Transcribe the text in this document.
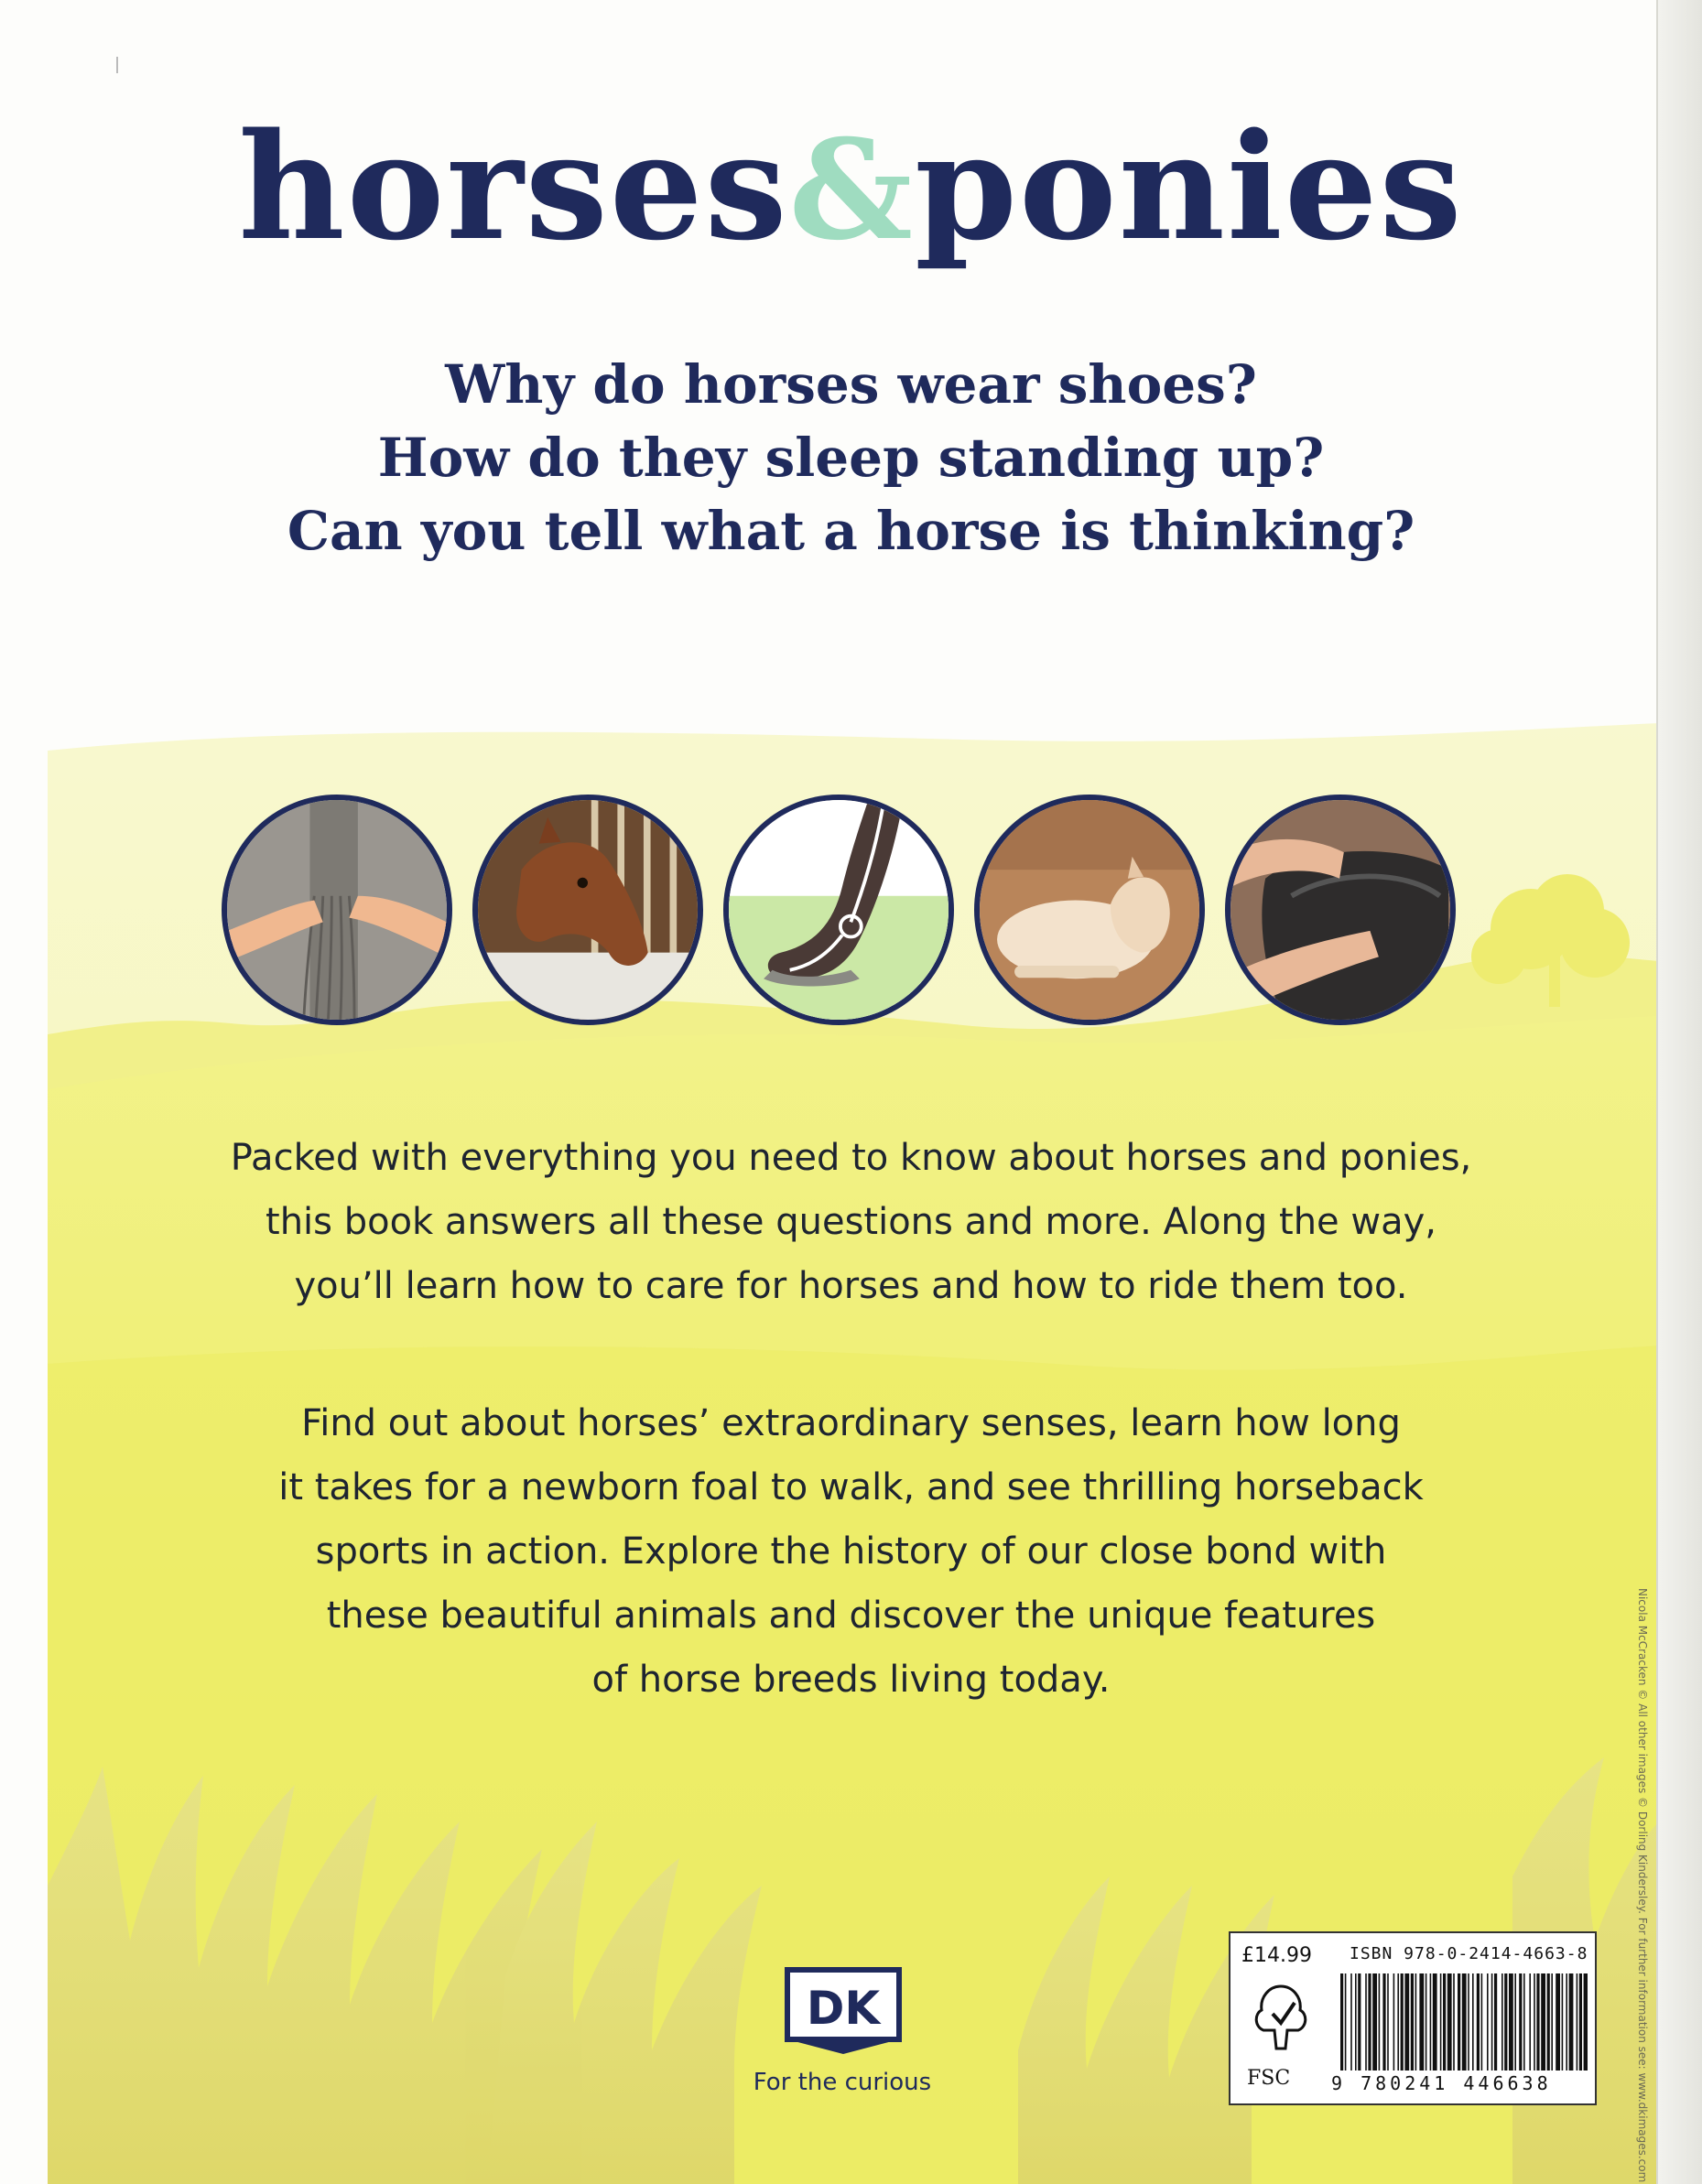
horses&ponies
Why do horses wear shoes?
How do they sleep standing up?
Can you tell what a horse is thinking?
Packed with everything you need to know about horses and ponies,
this book answers all these questions and more. Along the way,
you’ll learn how to care for horses and how to ride them too.
Find out about horses’ extraordinary senses, learn how long
it takes for a newborn foal to walk, and see thrilling horseback
sports in action. Explore the history of our close bond with
these beautiful animals and discover the unique features
of horse breeds living today.
DK
For the curious
£14.99 ISBN 978-0-2414-4663-8
FSC 9 780241 446638	Nicola McCracken © All other images © Dorling Kindersley. For further information see: www.dkimages.com
